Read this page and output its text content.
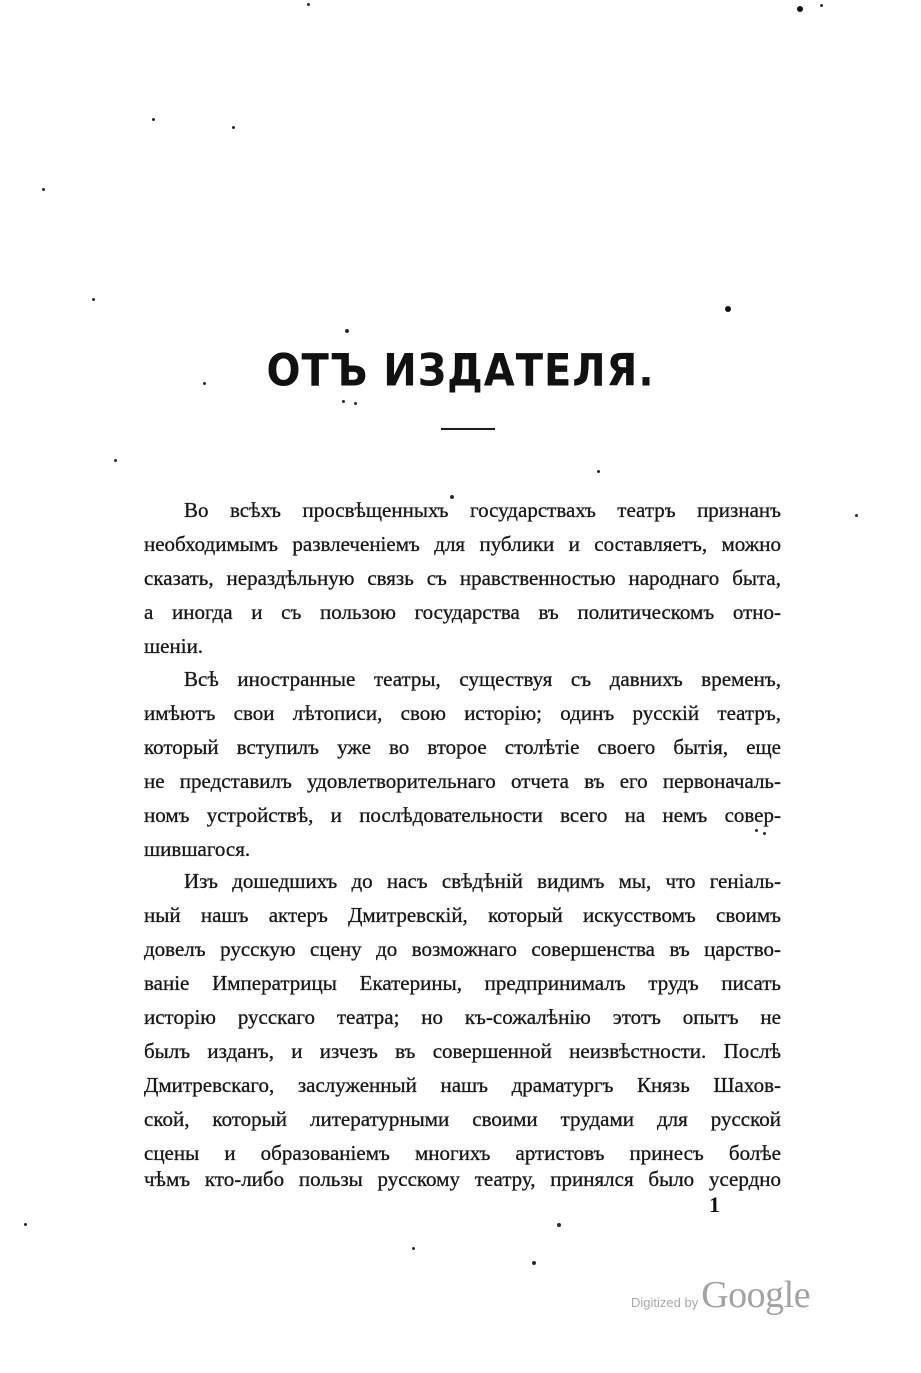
ОТЪ ИЗДАТЕЛЯ.
Во всѣхъ просвѣщенныхъ государствахъ театръ признанъ
необходимымъ развлеченіемъ для публики и составляетъ, можно
сказать, нераздѣльную связь съ нравственностью народнаго быта,
а иногда и съ пользою государства въ политическомъ отно-
шеніи.
Всѣ иностранные театры, существуя съ давнихъ временъ,
имѣютъ свои лѣтописи, свою исторію; одинъ русскій театръ,
который вступилъ уже во второе столѣтіе своего бытія, еще
не представилъ удовлетворительнаго отчета въ его первоначаль-
номъ устройствѣ, и послѣдовательности всего на немъ совер-
шившагося.
Изъ дошедшихъ до насъ свѣдѣній видимъ мы, что геніаль-
ный нашъ актеръ Дмитревскій, который искусствомъ своимъ
довелъ русскую сцену до возможнаго совершенства въ царство-
ваніе Императрицы Екатерины, предпринималъ трудъ писать
исторію русскаго театра; но къ-сожалѣнію этотъ опытъ не
былъ изданъ, и изчезъ въ совершенной неизвѣстности. Послѣ
Дмитревскаго, заслуженный нашъ драматургъ Князь Шахов-
ской, который литературными своими трудами для русской
сцены и образованіемъ многихъ артистовъ принесъ болѣе
чѣмъ кто-либо пользы русскому театру, принялся было усердно
1
Digitized by Google
